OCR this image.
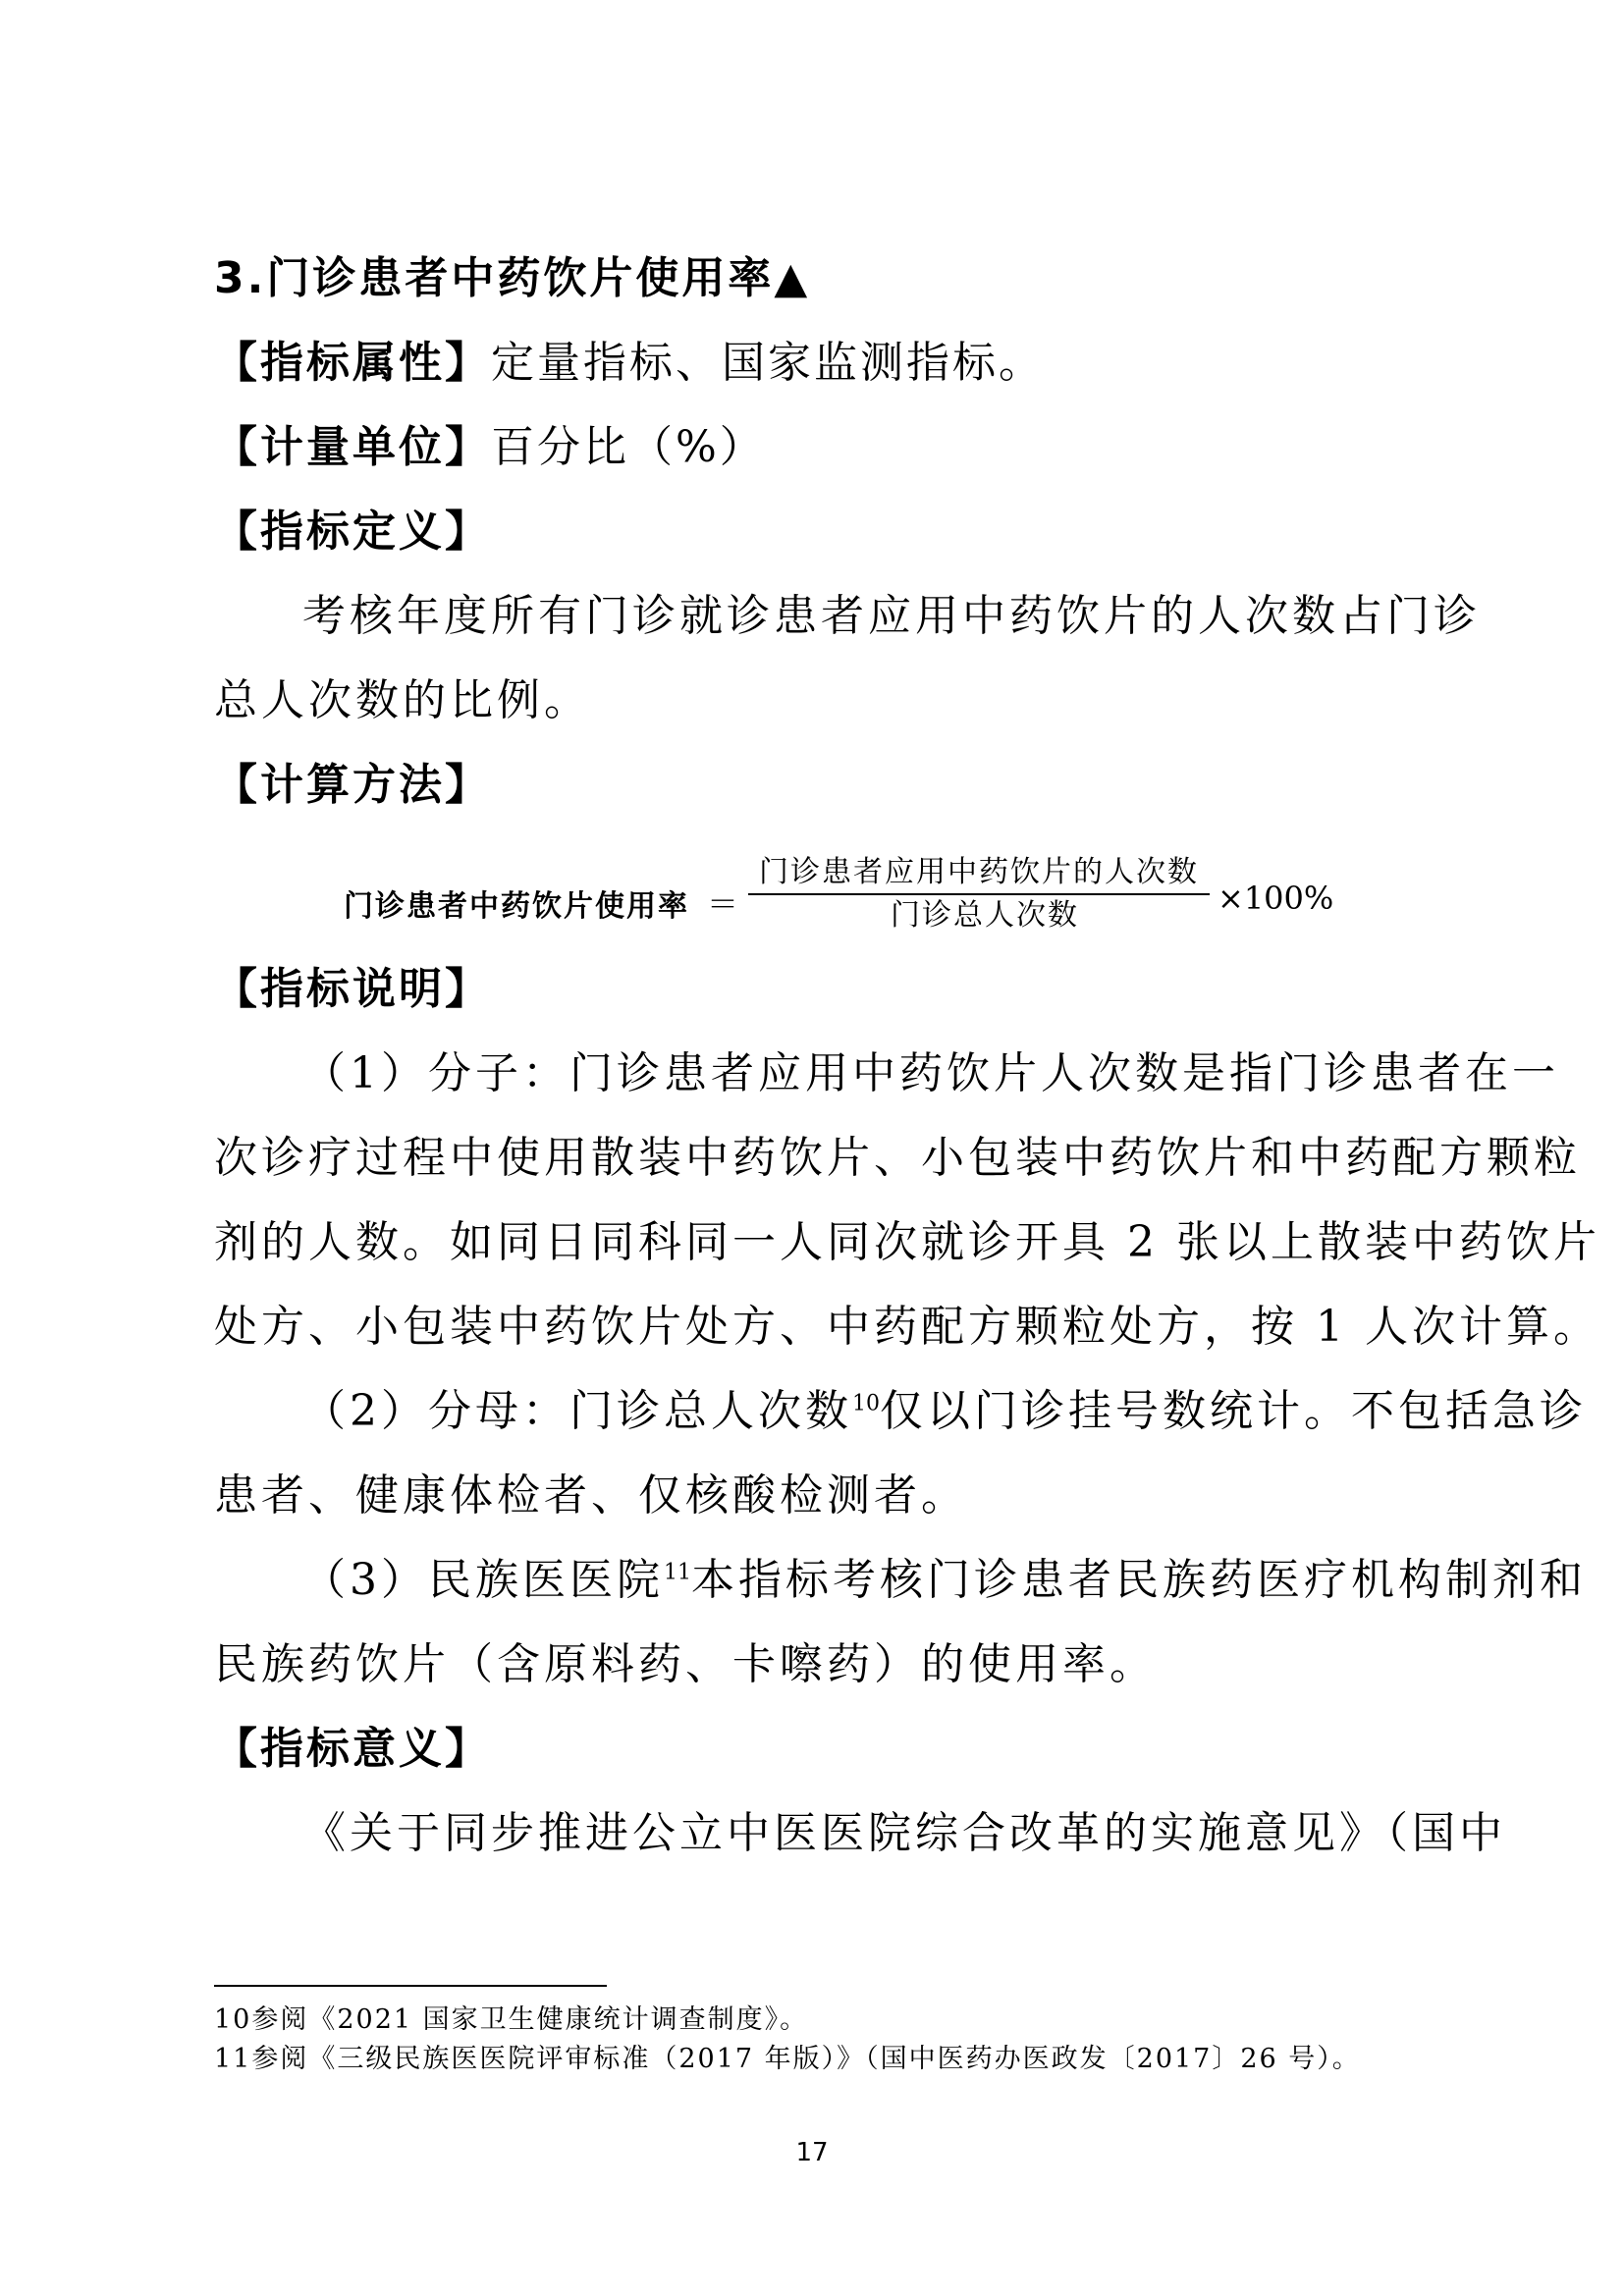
3.门诊患者中药饮片使用率▲
【指标属性】定量指标、国家监测指标。
【计量单位】百分比（%）
【指标定义】
考核年度所有门诊就诊患者应用中药饮片的人次数占门诊
总人次数的比例。
【计算方法】
门诊患者中药饮片使用率 ＝
门诊患者应用中药饮片的人次数
门诊总人次数	×100%
【指标说明】
（1）分子：门诊患者应用中药饮片人次数是指门诊患者在一
次诊疗过程中使用散装中药饮片、小包装中药饮片和中药配方颗粒
剂的人数。如同日同科同一人同次就诊开具 2 张以上散装中药饮片
处方、小包装中药饮片处方、中药配方颗粒处方，按 1 人次计算。
（2）分母：门诊总人次数$^{10}$仅以门诊挂号数统计。不包括急诊
患者、健康体检者、仅核酸检测者。
（3）民族医医院$^{11}$本指标考核门诊患者民族药医疗机构制剂和
民族药饮片（含原料药、卡嚓药）的使用率。
【指标意义】
《关于同步推进公立中医医院综合改革的实施意见》（国中
10参阅《2021 国家卫生健康统计调查制度》。
11参阅《三级民族医医院评审标准（2017 年版）》（国中医药办医政发〔2017〕26 号）。
17
